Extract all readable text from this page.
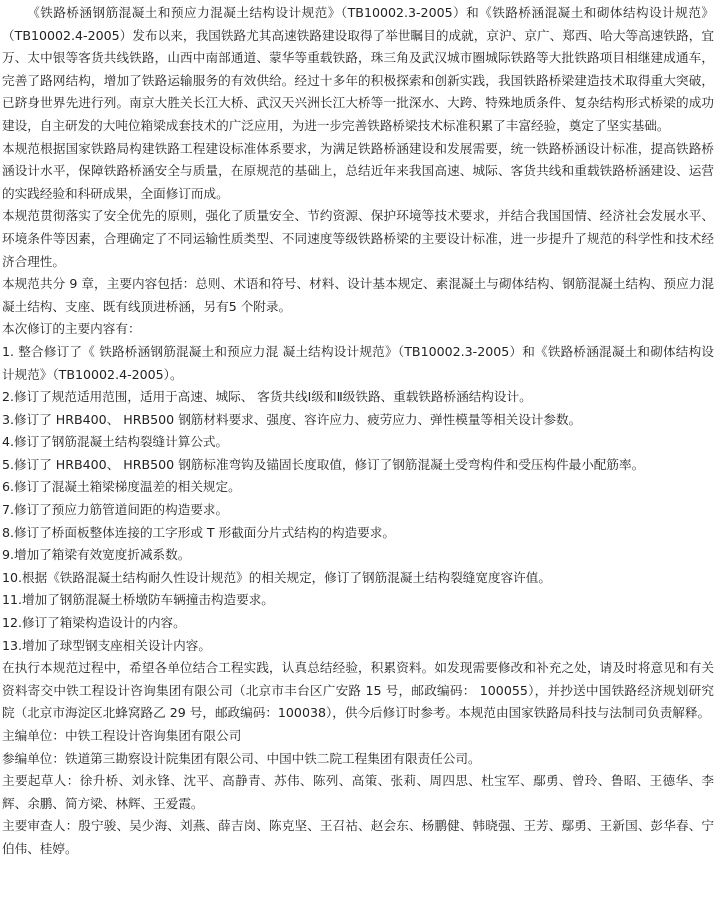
《铁路桥涵钢筋混凝土和预应力混凝土结构设计规范》（TB10002.3-2005）和《铁路桥涵混凝土和砌体结构设计规范》（TB10002.4-2005）发布以来，我国铁路尤其高速铁路建设取得了举世瞩目的成就，京沪、京广、郑西、哈大等高速铁路，宜万、太中银等客货共线铁路，山西中南部通道、蒙华等重载铁路，珠三角及武汉城市圈城际铁路等大批铁路项目相继建成通车，完善了路网结构，增加了铁路运输服务的有效供给。经过十多年的积极探索和创新实践，我国铁路桥梁建造技术取得重大突破，已跻身世界先进行列。南京大胜关长江大桥、武汉天兴洲长江大桥等一批深水、大跨、特殊地质条件、复杂结构形式桥梁的成功建设，自主研发的大吨位箱梁成套技术的广泛应用，为进一步完善铁路桥梁技术标准积累了丰富经验，奠定了坚实基础。

本规范根据国家铁路局构建铁路工程建设标准体系要求，为满足铁路桥涵建设和发展需要，统一铁路桥涵设计标准，提高铁路桥涵设计水平，保障铁路桥涵安全与质量，在原规范的基础上，总结近年来我国高速、城际、客货共线和重载铁路桥涵建设、运营的实践经验和科研成果，全面修订而成。

本规范贯彻落实了安全优先的原则，强化了质量安全、节约资源、保护环境等技术要求，并结合我国国情、经济社会发展水平、环境条件等因素，合理确定了不同运输性质类型、不同速度等级铁路桥梁的主要设计标准，进一步提升了规范的科学性和技术经济合理性。

本规范共分 9 章，主要内容包括：总则、术语和符号、材料、设计基本规定、素混凝土与砌体结构、钢筋混凝土结构、预应力混凝土结构、支座、既有线顶进桥涵，另有5 个附录。

本次修订的主要内容有：

1. 整合修订了《 铁路桥涵钢筋混凝土和预应力混 凝土结构设计规范》（TB10002.3-2005）和《铁路桥涵混凝土和砌体结构设计规范》（TB10002.4-2005）。

2.修订了规范适用范围，适用于高速、城际、 客货共线Ⅰ级和Ⅱ级铁路、重载铁路桥涵结构设计。

3.修订了 HRB400、 HRB500 钢筋材料要求、强度、容许应力、疲劳应力、弹性模量等相关设计参数。

4.修订了钢筋混凝土结构裂缝计算公式。

5.修订了 HRB400、 HRB500 钢筋标准弯钩及锚固长度取值，修订了钢筋混凝土受弯构件和受压构件最小配筋率。

6.修订了混凝土箱梁梯度温差的相关规定。

7.修订了预应力筋管道间距的构造要求。

8.修订了桥面板整体连接的工字形或 T 形截面分片式结构的构造要求。

9.增加了箱梁有效宽度折减系数。

10.根据《铁路混凝土结构耐久性设计规范》的相关规定，修订了钢筋混凝土结构裂缝宽度容许值。

11.增加了钢筋混凝土桥墩防车辆撞击构造要求。

12.修订了箱梁构造设计的内容。

13.增加了球型钢支座相关设计内容。

在执行本规范过程中，希望各单位结合工程实践，认真总结经验，积累资料。如发现需要修改和补充之处，请及时将意见和有关资料寄交中铁工程设计咨询集团有限公司（北京市丰台区广安路 15 号，邮政编码： 100055），并抄送中国铁路经济规划研究院（北京市海淀区北蜂窝路乙 29 号，邮政编码：100038），供今后修订时参考。本规范由国家铁路局科技与法制司负责解释。

主编单位：中铁工程设计咨询集团有限公司

参编单位：铁道第三勘察设计院集团有限公司、中国中铁二院工程集团有限责任公司。

主要起草人：徐升桥、刘永锋、沈平、高静青、苏伟、陈列、高策、张莉、周四思、杜宝军、鄢勇、曾玲、鲁昭、王德华、李辉、余鹏、简方梁、林辉、王爱霞。

主要审查人：殷宁骏、吴少海、刘燕、薛吉岗、陈克坚、王召祜、赵会东、杨鹏健、韩晓强、王芳、鄢勇、王新国、彭华春、宁伯伟、桂婷。
